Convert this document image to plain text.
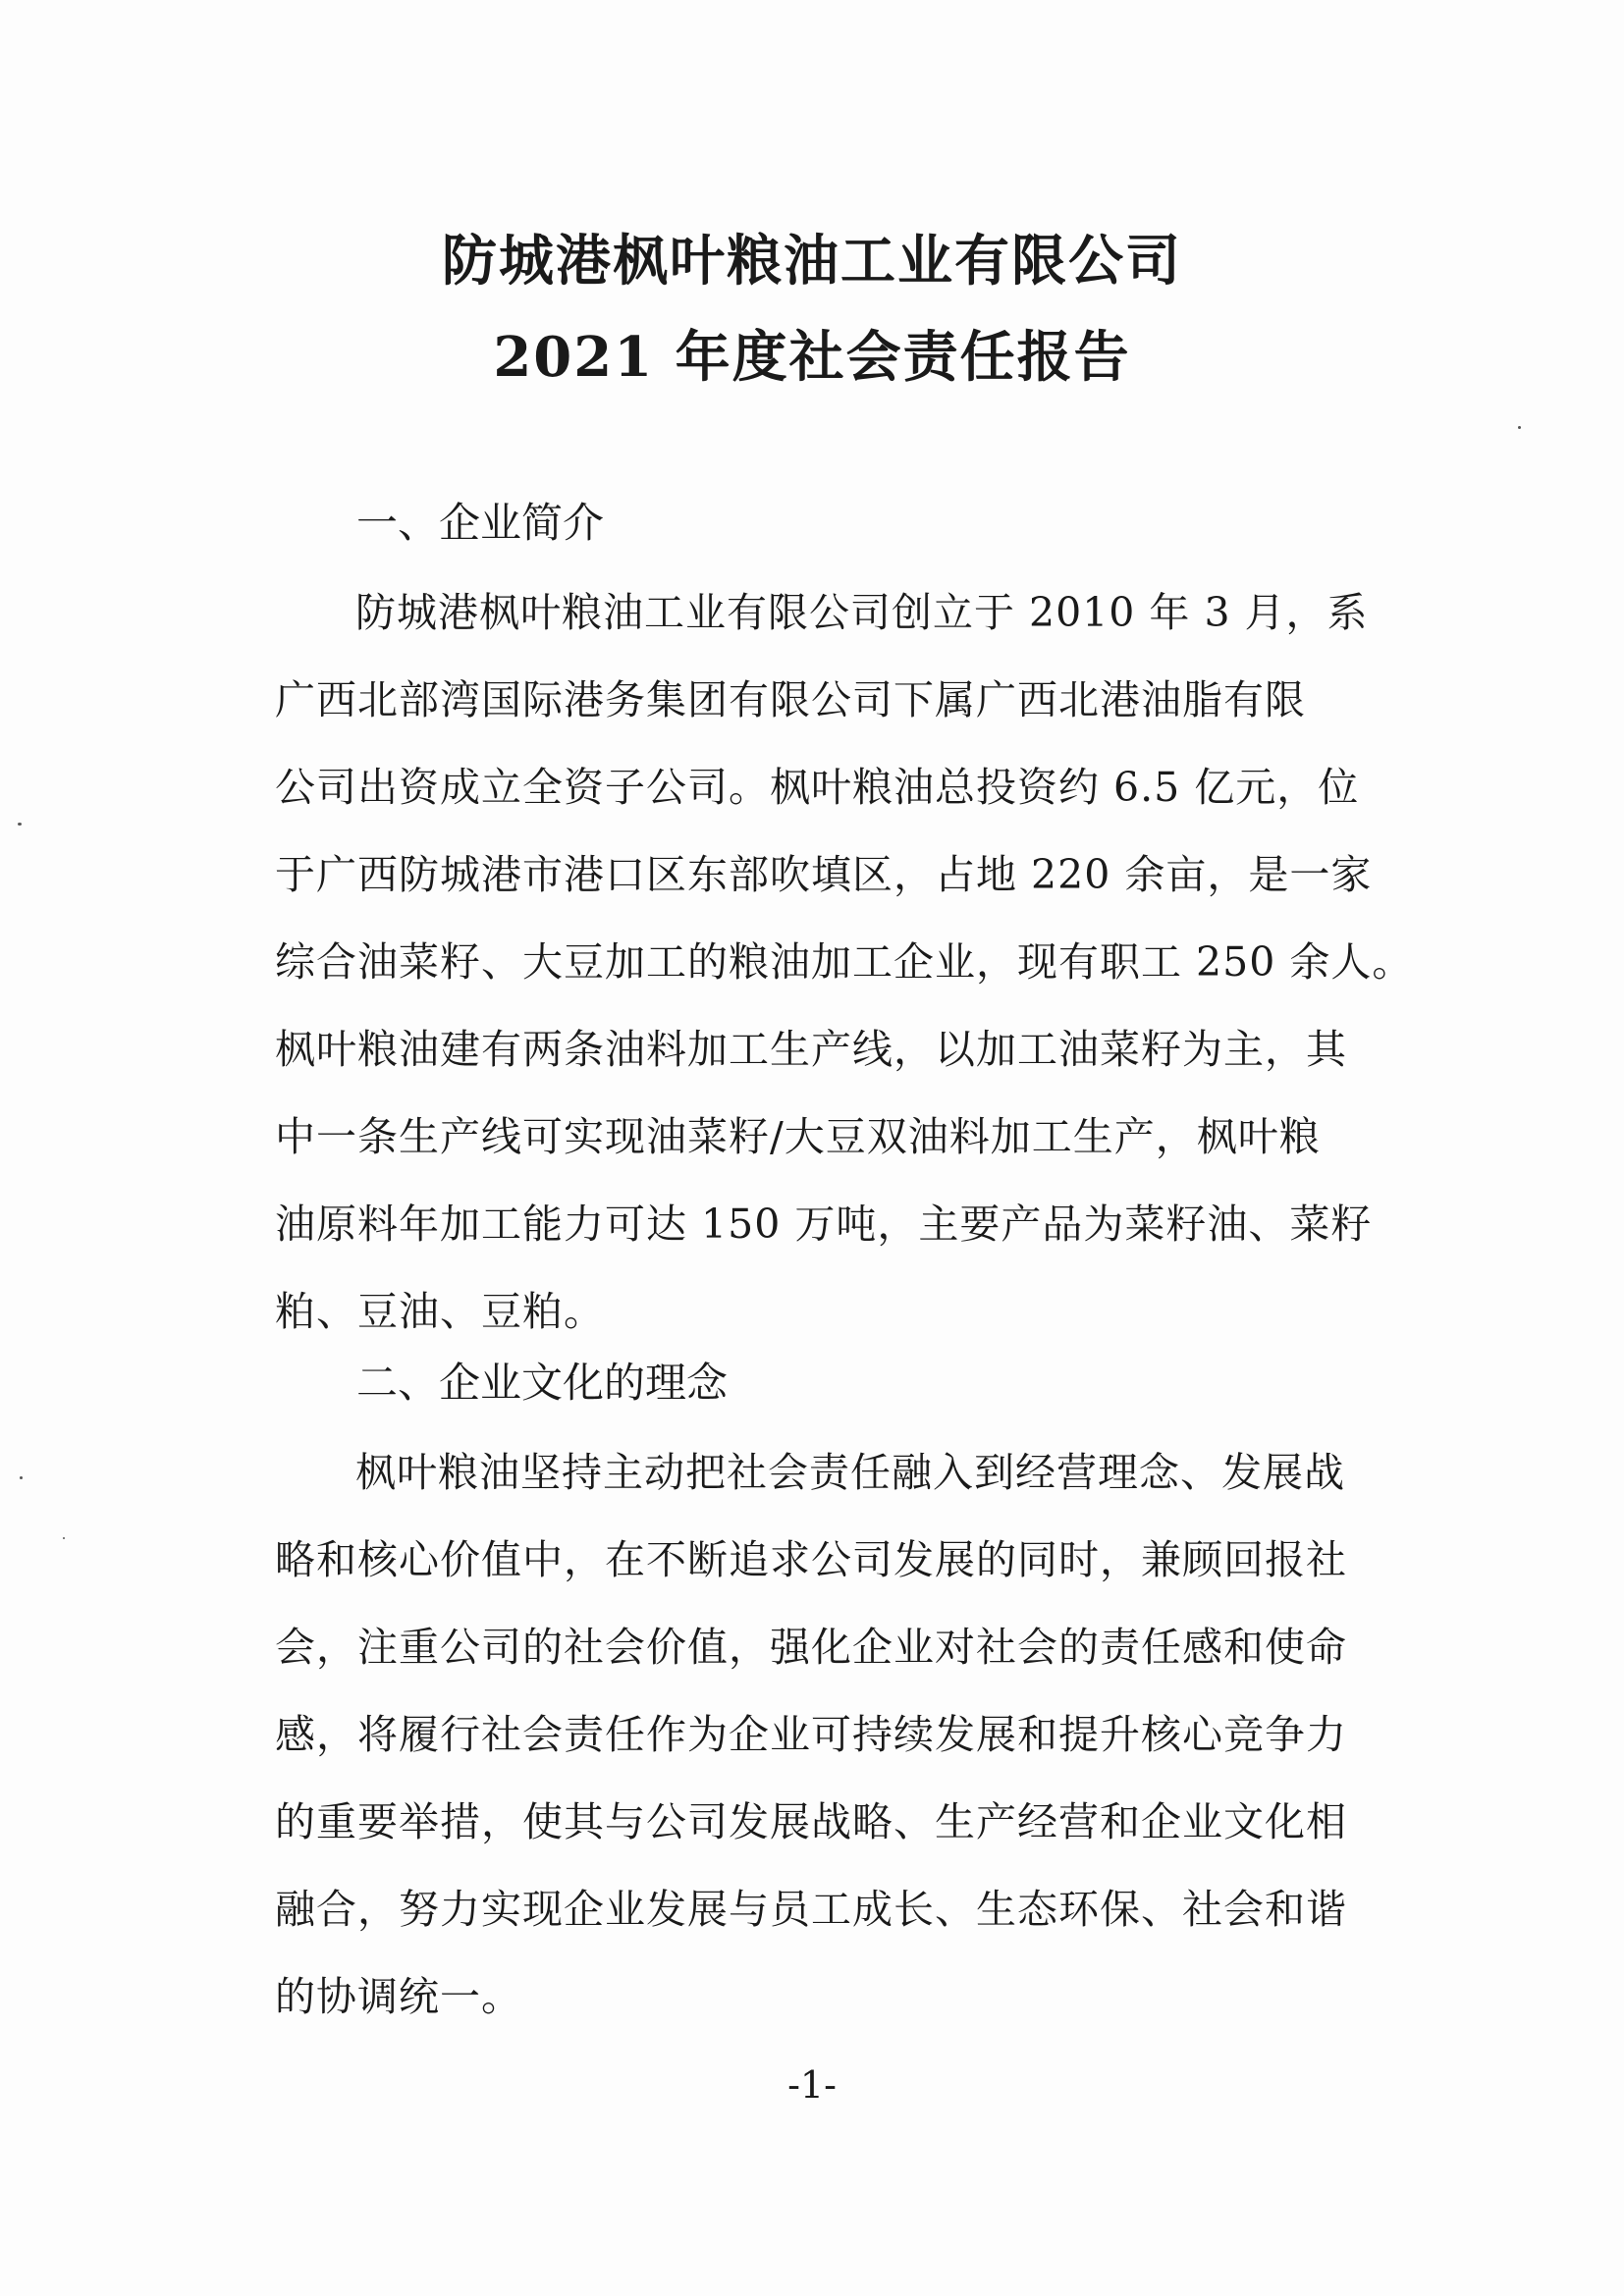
防城港枫叶粮油工业有限公司
2021 年度社会责任报告
一、企业简介
防城港枫叶粮油工业有限公司创立于 2010 年 3 月，系
广西北部湾国际港务集团有限公司下属广西北港油脂有限
公司出资成立全资子公司。枫叶粮油总投资约 6.5 亿元，位
于广西防城港市港口区东部吹填区，占地 220 余亩，是一家
综合油菜籽、大豆加工的粮油加工企业，现有职工 250 余人。
枫叶粮油建有两条油料加工生产线，以加工油菜籽为主，其
中一条生产线可实现油菜籽/大豆双油料加工生产，枫叶粮
油原料年加工能力可达 150 万吨，主要产品为菜籽油、菜籽
粕、豆油、豆粕。
二、企业文化的理念
枫叶粮油坚持主动把社会责任融入到经营理念、发展战
略和核心价值中，在不断追求公司发展的同时，兼顾回报社
会，注重公司的社会价值，强化企业对社会的责任感和使命
感，将履行社会责任作为企业可持续发展和提升核心竞争力
的重要举措，使其与公司发展战略、生产经营和企业文化相
融合，努力实现企业发展与员工成长、生态环保、社会和谐
的协调统一。
-1-
